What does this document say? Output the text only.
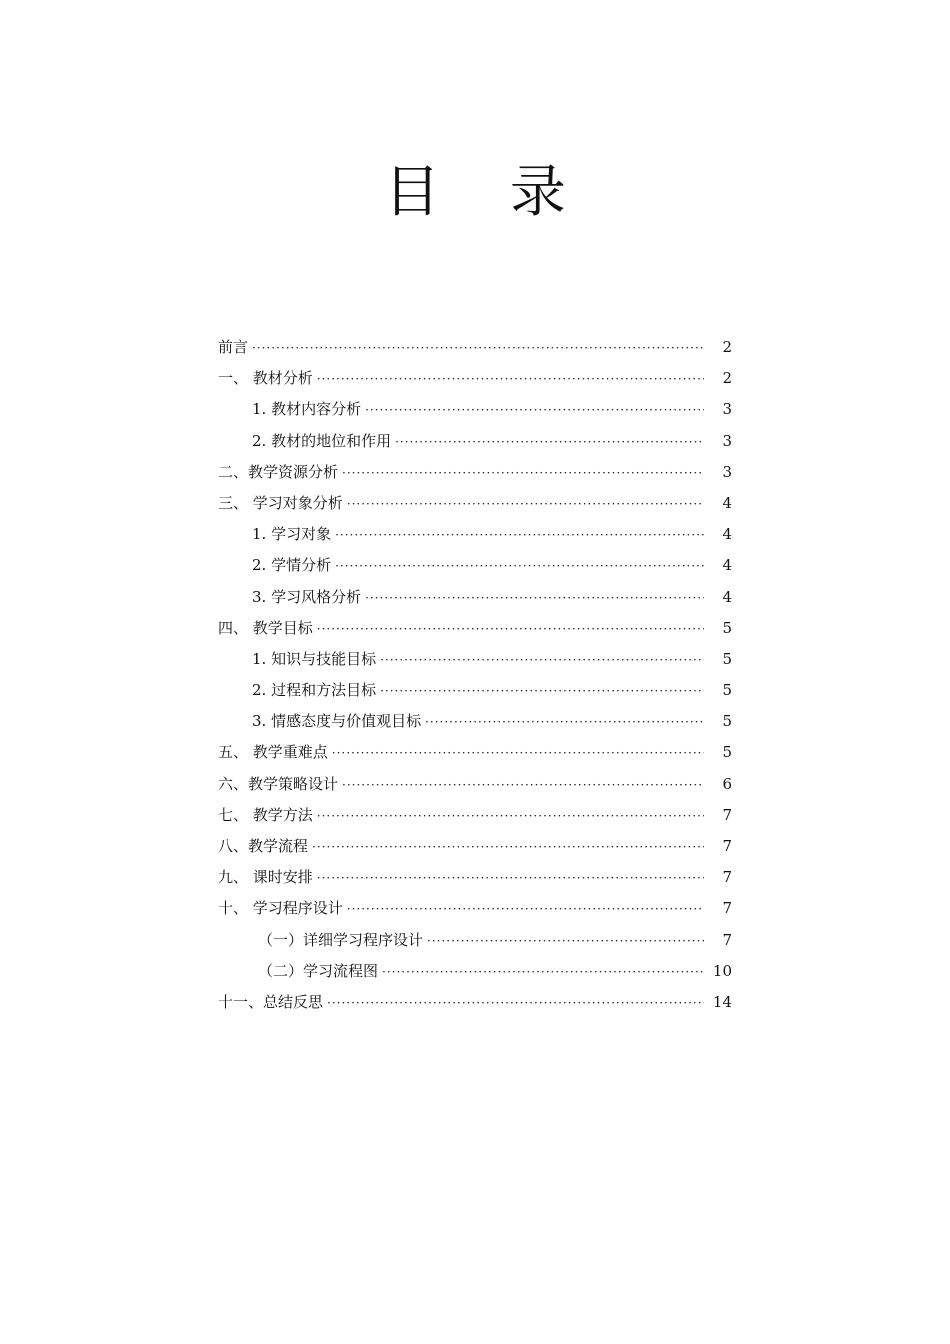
目 录
前言 ·····	2
一、 教材分析 ·····	2
1. 教材内容分析 ·····	3
2. 教材的地位和作用 ·····	3
二、教学资源分析 ·····	3
三、 学习对象分析 ·····	4
1. 学习对象 ·····	4
2. 学情分析 ·····	4
3. 学习风格分析 ·····	4
四、 教学目标 ·····	5
1. 知识与技能目标 ·····	5
2. 过程和方法目标 ·····	5
3. 情感态度与价值观目标 ·····	5
五、 教学重难点 ·····	5
六、教学策略设计 ·····	6
七、 教学方法 ·····	7
八、教学流程 ·····	7
九、 课时安排 ·····	7
十、 学习程序设计 ·····	7
（一）详细学习程序设计 ·····	7
（二）学习流程图 ·····	10
十一、总结反思 ·····	14
